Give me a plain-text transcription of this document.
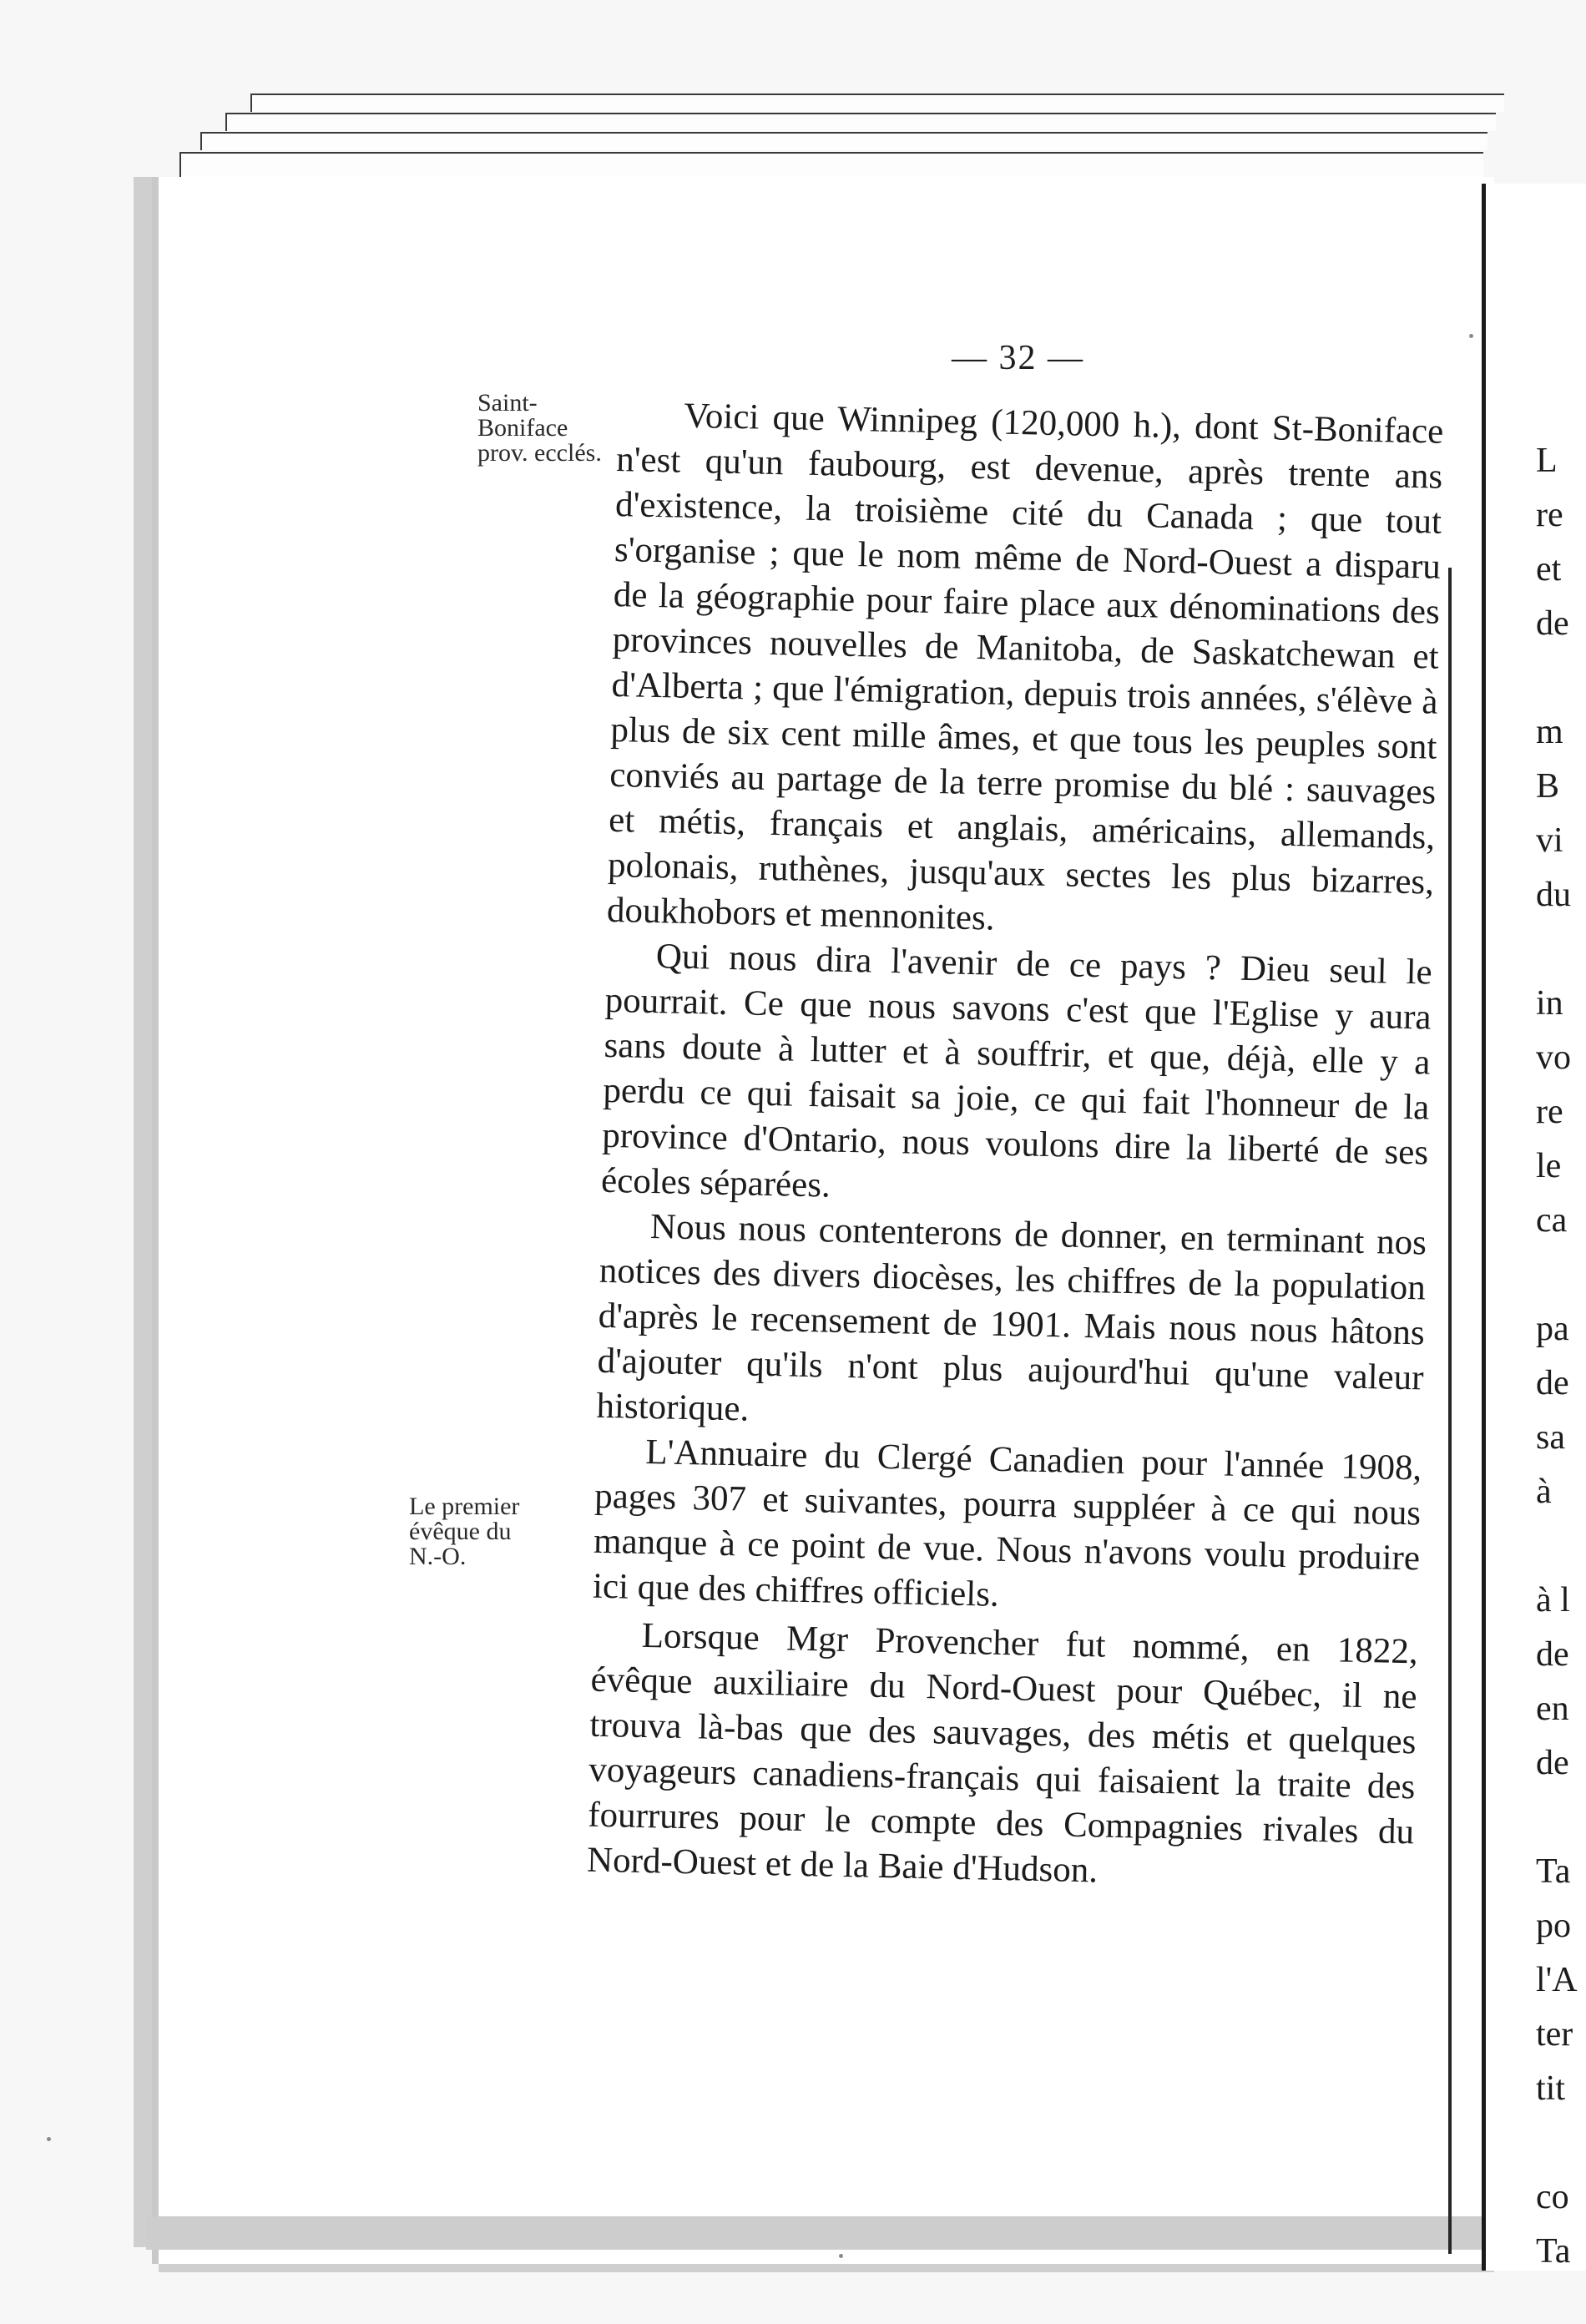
— 32 —
Saint-
Boniface
prov. ecclés.
Le premier
évêque du
N.-O.

Voici que Winnipeg (120,000 h.), dont St-Boniface n'est qu'un faubourg, est devenue, après trente ans d'existence, la troisième cité du Canada ; que tout s'organise ; que le nom même de Nord-Ouest a disparu de la géographie pour faire place aux dénominations des provinces nouvelles de Manitoba, de Saskatchewan et d'Alberta ; que l'émigration, depuis trois années, s'élève à plus de six cent mille âmes, et que tous les peuples sont conviés au partage de la terre promise du blé : sauvages et métis, français et anglais, américains, allemands, polonais, ruthènes, jusqu'aux sectes les plus bizarres, doukhobors et mennonites.

Qui nous dira l'avenir de ce pays ? Dieu seul le pourrait. Ce que nous savons c'est que l'Eglise y aura sans doute à lutter et à souffrir, et que, déjà, elle y a perdu ce qui faisait sa joie, ce qui fait l'honneur de la province d'Ontario, nous voulons dire la liberté de ses écoles séparées.

Nous nous contenterons de donner, en terminant nos notices des divers diocèses, les chiffres de la population d'après le recensement de 1901. Mais nous nous hâtons d'ajouter qu'ils n'ont plus aujourd'hui qu'une valeur historique.

L'Annuaire du Clergé Canadien pour l'année 1908, pages 307 et suivantes, pourra suppléer à ce qui nous manque à ce point de vue. Nous n'avons voulu produire ici que des chiffres officiels.

Lorsque Mgr Provencher fut nommé, en 1822, évêque auxiliaire du Nord-Ouest pour Québec, il ne trouva là-bas que des sauvages, des métis et quelques voyageurs canadiens-français qui faisaient la traite des fourrures pour le compte des Compagnies rivales du Nord-Ouest et de la Baie d'Hudson.

L
re
et
de
m
B
vi
du
in
vo
re
le
ca
pa
de
sa
à
à l
de
en
de
Ta
po
l'A
ter
tit
co
Ta
